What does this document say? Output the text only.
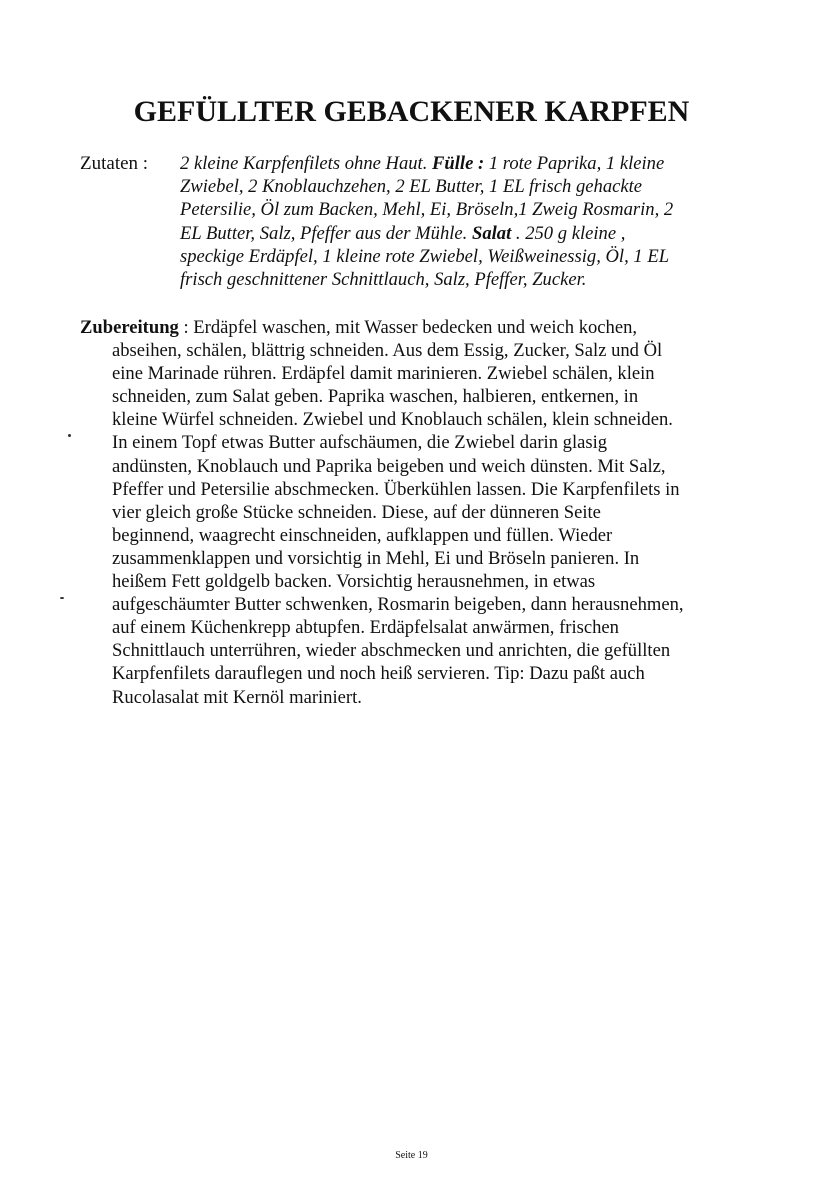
GEFÜLLTER GEBACKENER KARPFEN
Zutaten : 2 kleine Karpfenfilets ohne Haut. Fülle : 1 rote Paprika, 1 kleine
Zwiebel, 2 Knoblauchzehen, 2 EL Butter, 1 EL frisch gehackte
Petersilie, Öl zum Backen, Mehl, Ei, Bröseln,1 Zweig Rosmarin, 2
EL Butter, Salz, Pfeffer aus der Mühle. Salat . 250 g kleine ,
speckige Erdäpfel, 1 kleine rote Zwiebel, Weißweinessig, Öl, 1 EL
frisch geschnittener Schnittlauch, Salz, Pfeffer, Zucker.
Zubereitung : Erdäpfel waschen, mit Wasser bedecken und weich kochen,
abseihen, schälen, blättrig schneiden. Aus dem Essig, Zucker, Salz und Öl
eine Marinade rühren. Erdäpfel damit marinieren. Zwiebel schälen, klein
schneiden, zum Salat geben. Paprika waschen, halbieren, entkernen, in
kleine Würfel schneiden. Zwiebel und Knoblauch schälen, klein schneiden.
In einem Topf etwas Butter aufschäumen, die Zwiebel darin glasig
andünsten, Knoblauch und Paprika beigeben und weich dünsten. Mit Salz,
Pfeffer und Petersilie abschmecken. Überkühlen lassen. Die Karpfenfilets in
vier gleich große Stücke schneiden. Diese, auf der dünneren Seite
beginnend, waagrecht einschneiden, aufklappen und füllen. Wieder
zusammenklappen und vorsichtig in Mehl, Ei und Bröseln panieren. In
heißem Fett goldgelb backen. Vorsichtig herausnehmen, in etwas
aufgeschäumter Butter schwenken, Rosmarin beigeben, dann herausnehmen,
auf einem Küchenkrepp abtupfen. Erdäpfelsalat anwärmen, frischen
Schnittlauch unterrühren, wieder abschmecken und anrichten, die gefüllten
Karpfenfilets darauflegen und noch heiß servieren. Tip: Dazu paßt auch
Rucolasalat mit Kernöl mariniert.
Seite 19
